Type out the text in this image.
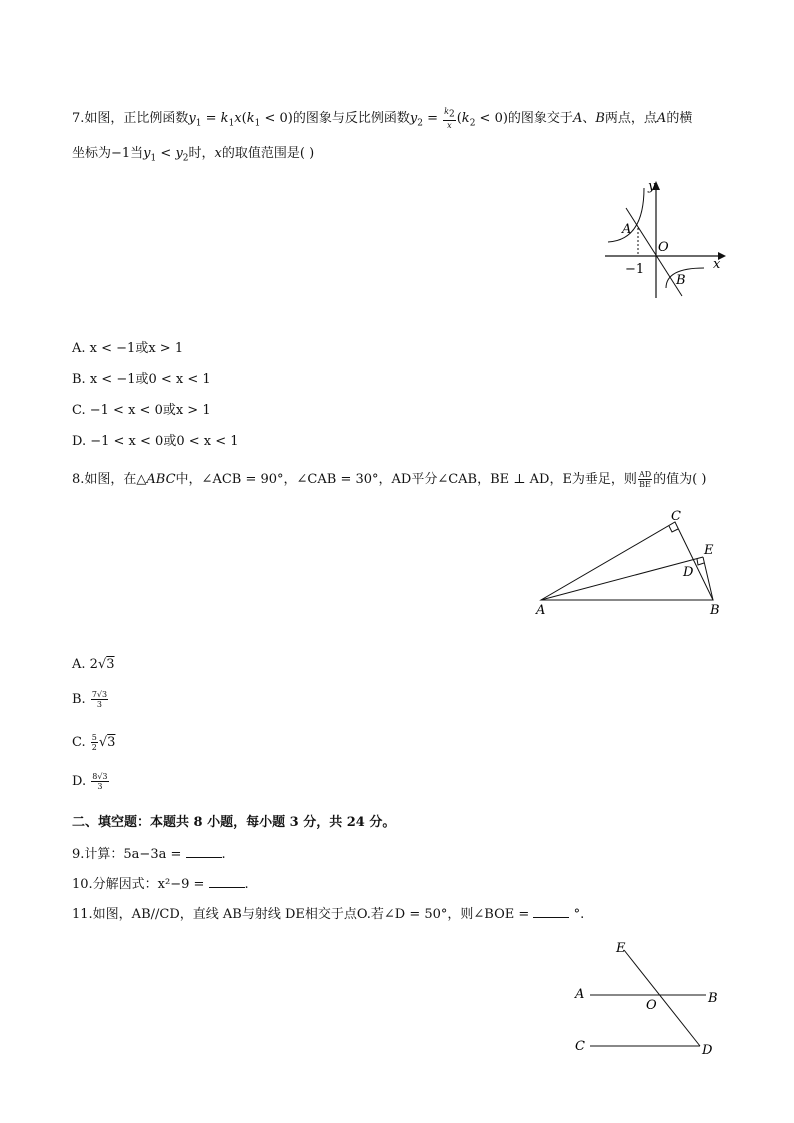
7.如图，正比例函数$y_1 = k_1x(k_1 < 0)$的图象与反比例函数$y_2 = \frac{k_2}{x} (k_2 < 0)$的图象交于A、B两点，点A的横
坐标为−1当$y_1 < y_2$时，x的取值范围是( )
y
x
O
A
B
−1
A. x < −1或x > 1
B. x < −1或0 < x < 1
C. −1 < x < 0或x > 1
D. −1 < x < 0或0 < x < 1
8.如图，在△ABC中，∠ACB = 90°，∠CAB = 30°，AD平分∠CAB，BE ⊥ AD，E为垂足，则 $\frac{AD}{BE}$ 的值为( )
A	B
C
D
E
A. 2√3
B. $\frac{7√3}{3}$
C. $\frac{5}{2} √3$
D. $\frac{8√3}{3}$
二、填空题：本题共 8 小题，每小题 3 分，共 24 分。
9.计算：5a−3a =	.
10.分解因式：x²−9 =	.
11.如图，AB//CD，直线 AB与射线 DE相交于点O.若∠D = 50°，则∠BOE =	°.
A	B
C	D
E
O
